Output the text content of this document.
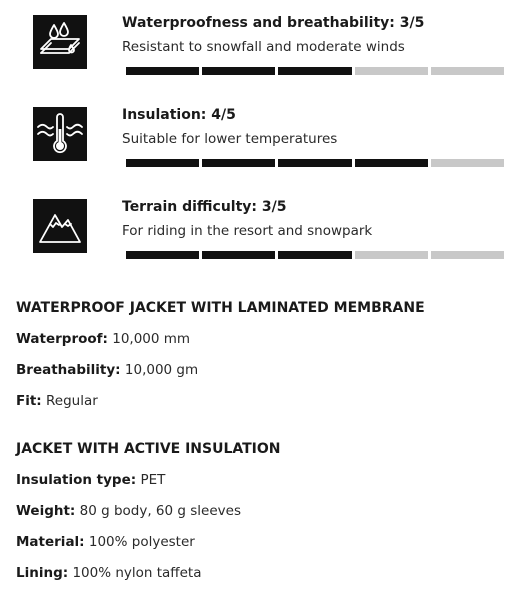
Waterproofness and breathability: 3/5
Resistant to snowfall and moderate winds
Insulation: 4/5
Suitable for lower temperatures
Terrain difficulty: 3/5
For riding in the resort and snowpark
WATERPROOF JACKET WITH LAMINATED MEMBRANE
Waterproof: 10,000 mm
Breathability: 10,000 gm
Fit: Regular
JACKET WITH ACTIVE INSULATION
Insulation type: PET
Weight: 80 g body, 60 g sleeves
Material: 100% polyester
Lining: 100% nylon taffeta
